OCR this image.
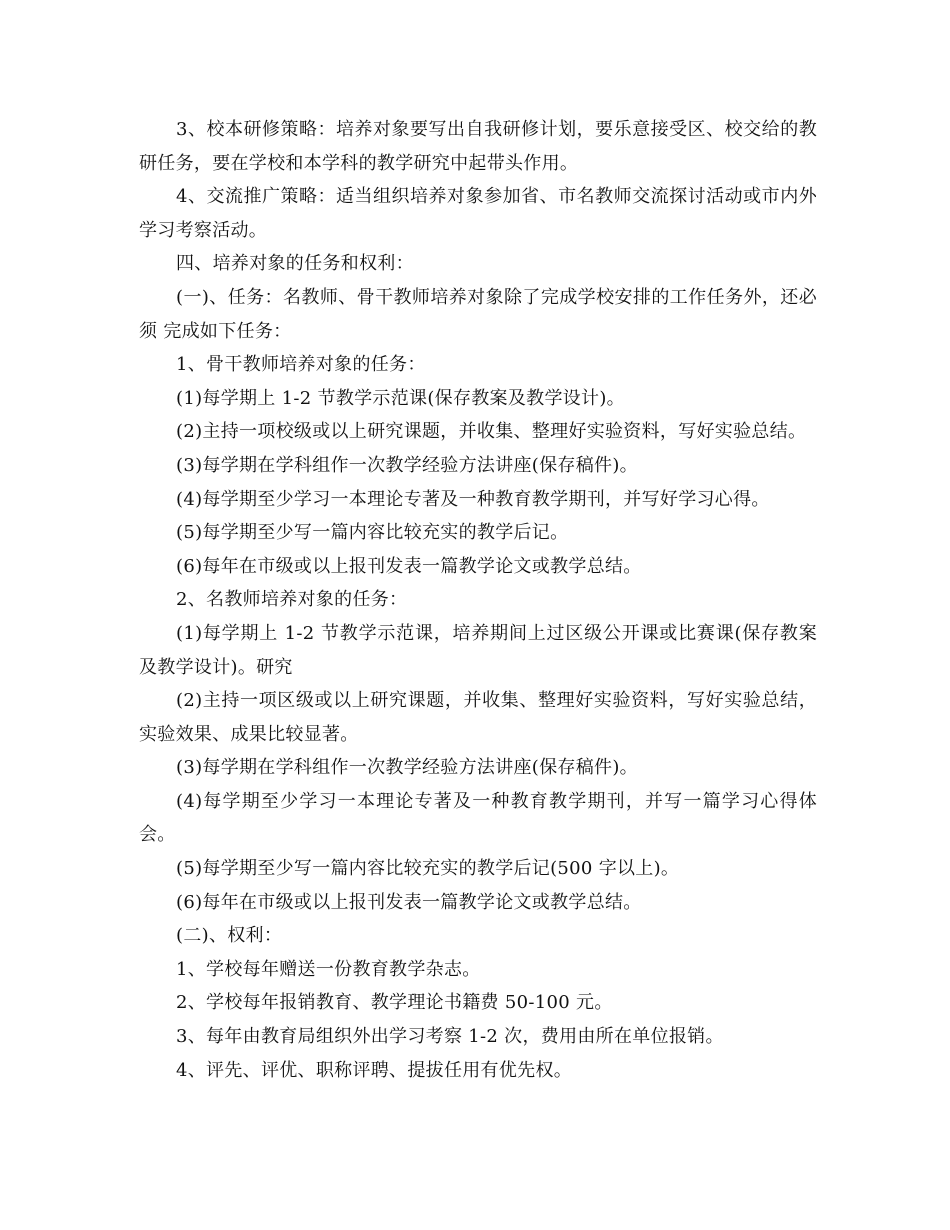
3、校本研修策略：培养对象要写出自我研修计划，要乐意接受区、校交给的教研任务，要在学校和本学科的教学研究中起带头作用。

4、交流推广策略：适当组织培养对象参加省、市名教师交流探讨活动或市内外学习考察活动。

四、培养对象的任务和权利：

(一)、任务：名教师、骨干教师培养对象除了完成学校安排的工作任务外，还必须 完成如下任务：

1、骨干教师培养对象的任务：

(1)每学期上 1-2 节教学示范课(保存教案及教学设计)。

(2)主持一项校级或以上研究课题，并收集、整理好实验资料，写好实验总结。

(3)每学期在学科组作一次教学经验方法讲座(保存稿件)。

(4)每学期至少学习一本理论专著及一种教育教学期刊，并写好学习心得。

(5)每学期至少写一篇内容比较充实的教学后记。

(6)每年在市级或以上报刊发表一篇教学论文或教学总结。

2、名教师培养对象的任务：

(1)每学期上 1-2 节教学示范课，培养期间上过区级公开课或比赛课(保存教案及教学设计)。研究

(2)主持一项区级或以上研究课题，并收集、整理好实验资料，写好实验总结，实验效果、成果比较显著。

(3)每学期在学科组作一次教学经验方法讲座(保存稿件)。

(4)每学期至少学习一本理论专著及一种教育教学期刊，并写一篇学习心得体会。

(5)每学期至少写一篇内容比较充实的教学后记(500 字以上)。

(6)每年在市级或以上报刊发表一篇教学论文或教学总结。

(二)、权利：

1、学校每年赠送一份教育教学杂志。

2、学校每年报销教育、教学理论书籍费 50-100 元。

3、每年由教育局组织外出学习考察 1-2 次，费用由所在单位报销。

4、评先、评优、职称评聘、提拔任用有优先权。
